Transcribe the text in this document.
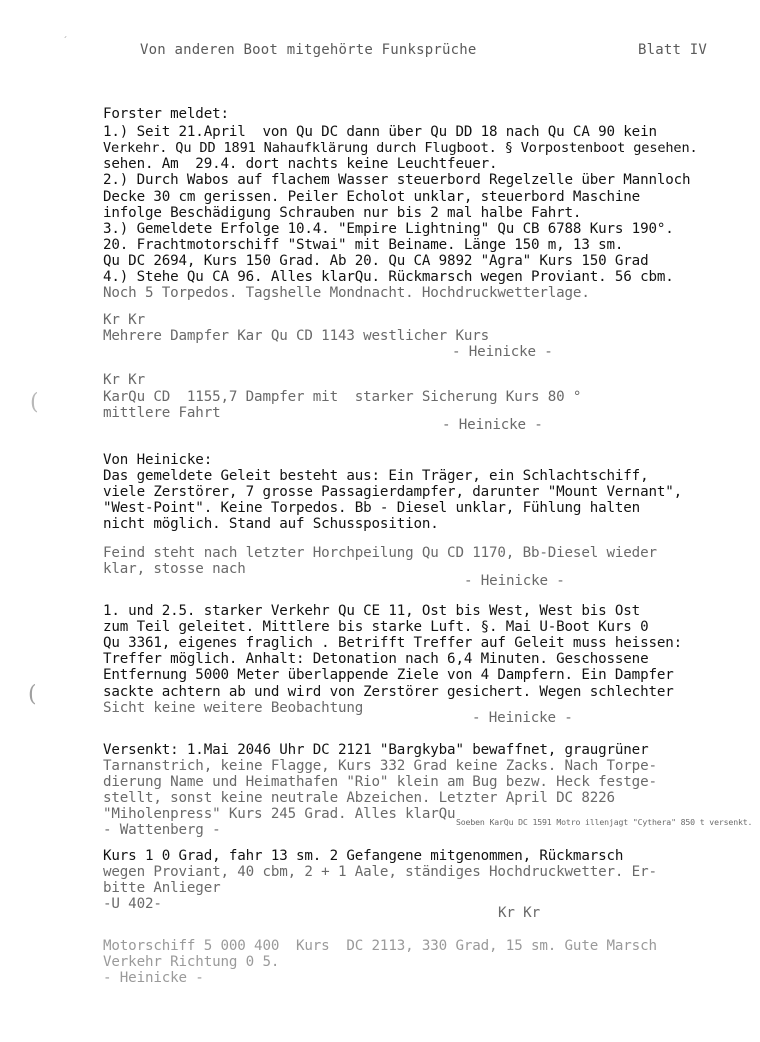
´
(
(
Von anderen Boot mitgehörte Funksprüche	Blatt IV
Forster meldet:
1.) Seit 21.April  von Qu DC dann über Qu DD 18 nach Qu CA 90 kein
Verkehr. Qu DD 1891 Nahaufklärung durch Flugboot. § Vorpostenboot gesehen.
sehen. Am  29.4. dort nachts keine Leuchtfeuer.
2.) Durch Wabos auf flachem Wasser steuerbord Regelzelle über Mannloch
Decke 30 cm gerissen. Peiler Echolot unklar, steuerbord Maschine
infolge Beschädigung Schrauben nur bis 2 mal halbe Fahrt.
3.) Gemeldete Erfolge 10.4. "Empire Lightning" Qu CB 6788 Kurs 190°.
20. Frachtmotorschiff "Stwai" mit Beiname. Länge 150 m, 13 sm.
Qu DC 2694, Kurs 150 Grad. Ab 20. Qu CA 9892 "Agra" Kurs 150 Grad
4.) Stehe Qu CA 96. Alles klarQu. Rückmarsch wegen Proviant. 56 cbm.
Noch 5 Torpedos. Tagshelle Mondnacht. Hochdruckwetterlage.
Kr Kr
Mehrere Dampfer Kar Qu CD 1143 westlicher Kurs
- Heinicke -
Kr Kr
KarQu CD  1155,7 Dampfer mit  starker Sicherung Kurs 80 °
mittlere Fahrt
- Heinicke -
Von Heinicke:
Das gemeldete Geleit besteht aus: Ein Träger, ein Schlachtschiff,
viele Zerstörer, 7 grosse Passagierdampfer, darunter "Mount Vernant",
"West-Point". Keine Torpedos. Bb - Diesel unklar, Fühlung halten
nicht möglich. Stand auf Schussposition.
Feind steht nach letzter Horchpeilung Qu CD 1170, Bb-Diesel wieder
klar, stosse nach
- Heinicke -
1. und 2.5. starker Verkehr Qu CE 11, Ost bis West, West bis Ost
zum Teil geleitet. Mittlere bis starke Luft. §. Mai U-Boot Kurs 0
Qu 3361, eigenes fraglich . Betrifft Treffer auf Geleit muss heissen:
Treffer möglich. Anhalt: Detonation nach 6,4 Minuten. Geschossene
Entfernung 5000 Meter überlappende Ziele von 4 Dampfern. Ein Dampfer
sackte achtern ab und wird von Zerstörer gesichert. Wegen schlechter
Sicht keine weitere Beobachtung
- Heinicke -
Versenkt: 1.Mai 2046 Uhr DC 2121 "Bargkyba" bewaffnet, graugrüner
Tarnanstrich, keine Flagge, Kurs 332 Grad keine Zacks. Nach Torpe-
dierung Name und Heimathafen "Rio" klein am Bug bezw. Heck festge-
stellt, sonst keine neutrale Abzeichen. Letzter April DC 8226
"Miholenpress" Kurs 245 Grad. Alles klarQu
- Wattenberg -	Soeben KarQu DC 1591 Motro illenjagt "Cythera" 850 t versenkt.
Kurs 1 0 Grad, fahr 13 sm. 2 Gefangene mitgenommen, Rückmarsch
wegen Proviant, 40 cbm, 2 + 1 Aale, ständiges Hochdruckwetter. Er-
bitte Anlieger
-U 402-
Kr Kr
Motorschiff 5 000 400  Kurs  DC 2113, 330 Grad, 15 sm. Gute Marsch
Verkehr Richtung 0 5.
- Heinicke -
